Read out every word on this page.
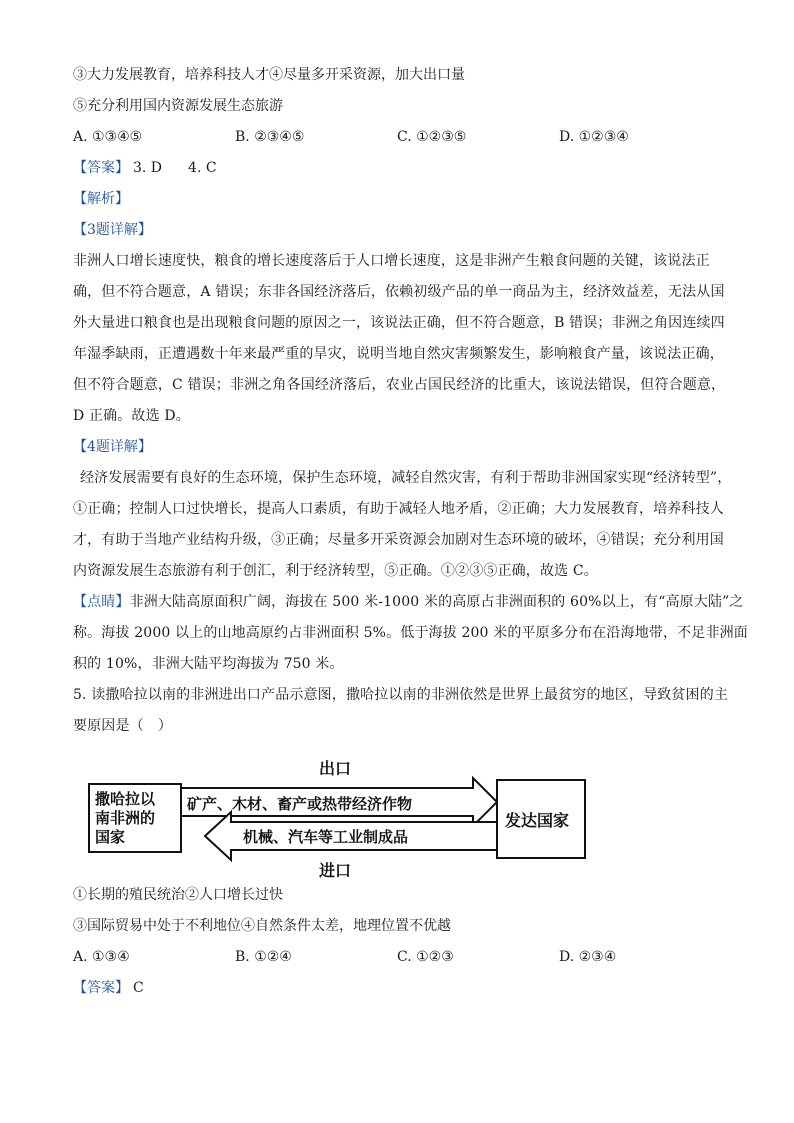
③大力发展教育，培养科技人才④尽量多开采资源，加大出口量
⑤充分利用国内资源发展生态旅游
A. ①③④⑤	B. ②③④⑤	C. ①②③⑤	D. ①②③④
【答案】 3. D 4. C
【解析】
【3题详解】
非洲人口增长速度快，粮食的增长速度落后于人口增长速度，这是非洲产生粮食问题的关键，该说法正
确，但不符合题意，A 错误；东非各国经济落后，依赖初级产品的单一商品为主，经济效益差，无法从国
外大量进口粮食也是出现粮食问题的原因之一，该说法正确，但不符合题意，B 错误；非洲之角因连续四
年湿季缺雨，正遭遇数十年来最严重的旱灾，说明当地自然灾害频繁发生，影响粮食产量，该说法正确，
但不符合题意，C 错误；非洲之角各国经济落后，农业占国民经济的比重大，该说法错误，但符合题意，
D 正确。故选 D。
【4题详解】
经济发展需要有良好的生态环境，保护生态环境，减轻自然灾害，有利于帮助非洲国家实现“经济转型”，
①正确；控制人口过快增长，提高人口素质，有助于减轻人地矛盾，②正确；大力发展教育，培养科技人
才，有助于当地产业结构升级，③正确；尽量多开采资源会加剧对生态环境的破坏，④错误；充分利用国
内资源发展生态旅游有利于创汇，利于经济转型，⑤正确。①②③⑤正确，故选 C。
【点睛】非洲大陆高原面积广阔，海拔在 500 米-1000 米的高原占非洲面积的 60%以上，有“高原大陆”之
称。海拔 2000 以上的山地高原约占非洲面积 5%。低于海拔 200 米的平原多分布在沿海地带，不足非洲面
积的 10%，非洲大陆平均海拔为 750 米。
5. 读撒哈拉以南的非洲进出口产品示意图，撒哈拉以南的非洲依然是世界上最贫穷的地区，导致贫困的主
要原因是（　）
撒哈拉以
南非洲的
国家
发达国家
出口
矿产、木材、畜产或热带经济作物
机械、汽车等工业制成品
进口
①长期的殖民统治②人口增长过快
③国际贸易中处于不利地位④自然条件太差，地理位置不优越
A. ①③④	B. ①②④	C. ①②③	D. ②③④
【答案】 C
